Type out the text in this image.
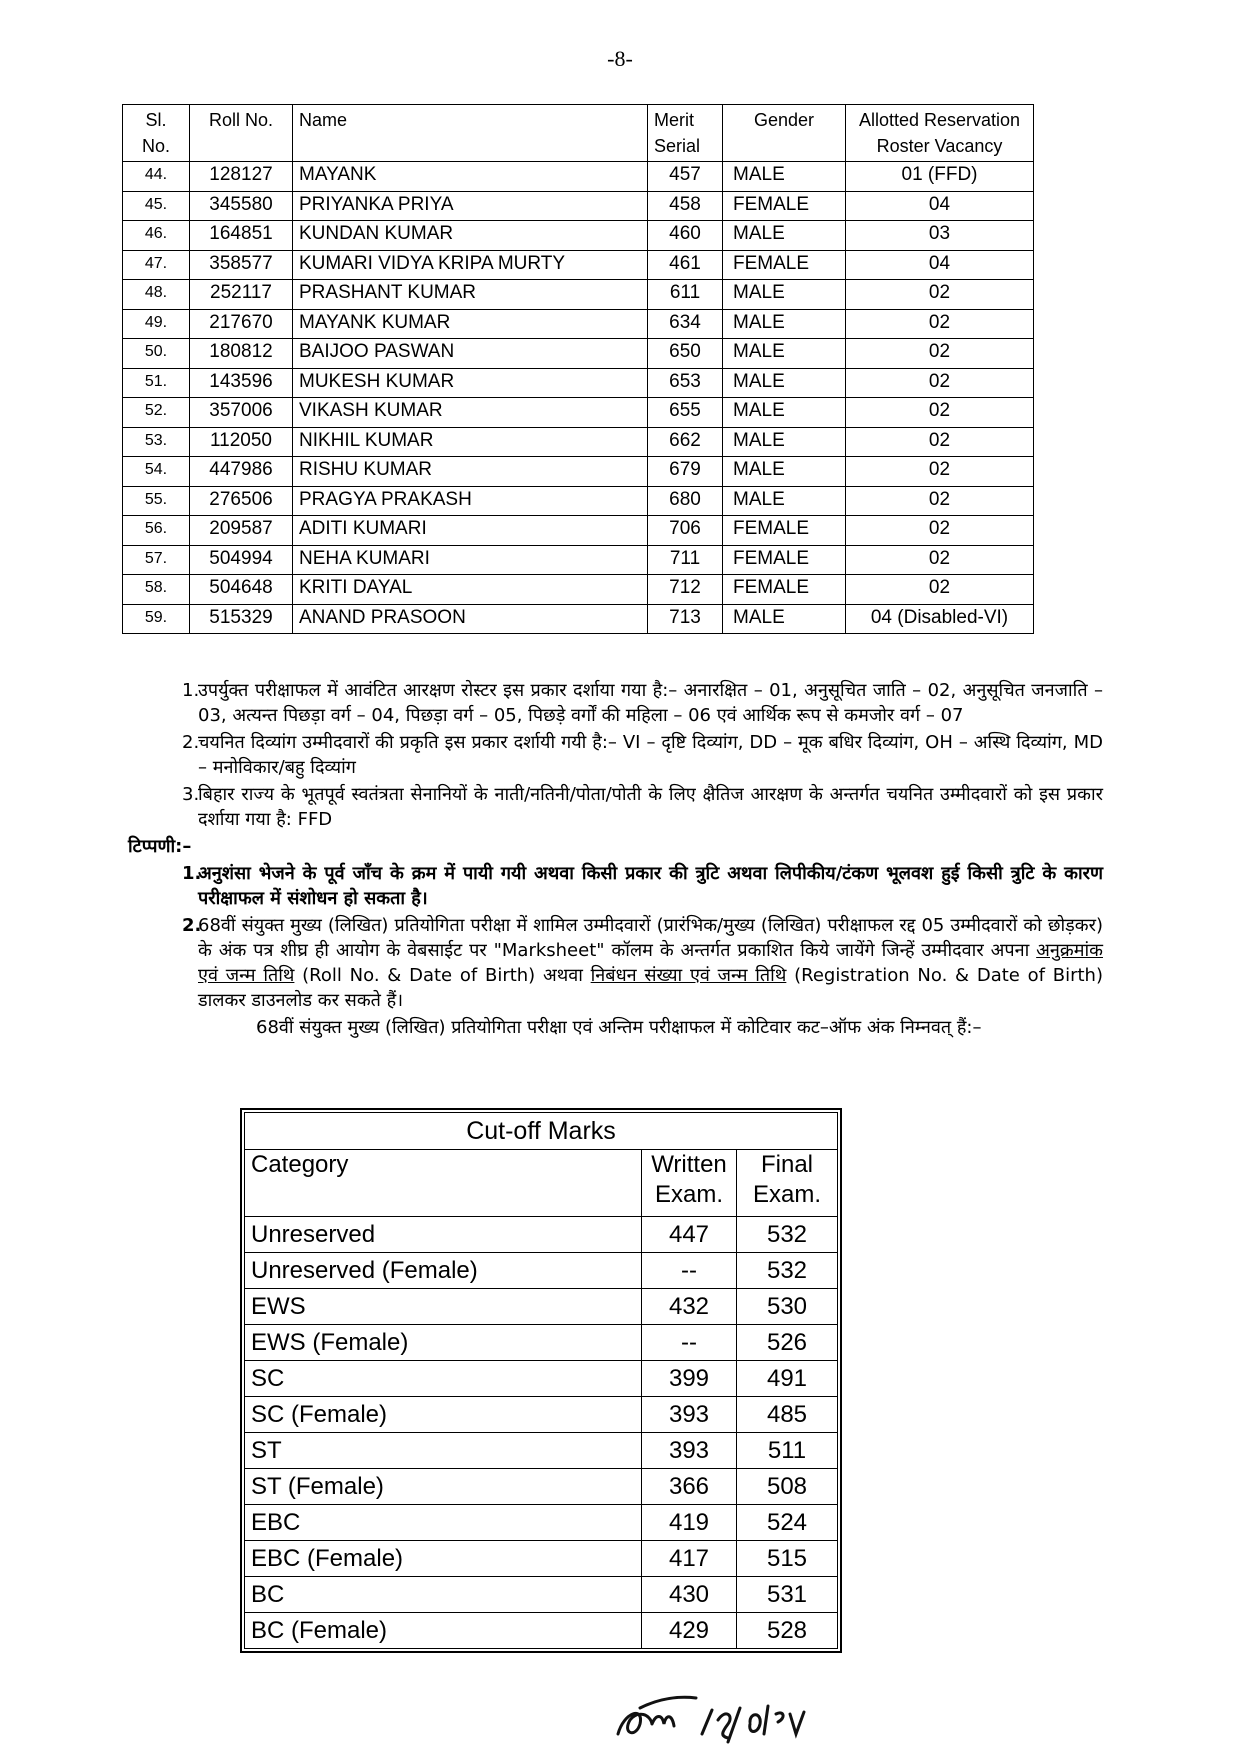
-8-
Sl. No.	Roll No.	Name	Merit Serial	Gender	Allotted Reservation Roster Vacancy
44.	128127	MAYANK	457	MALE	01 (FFD)
45.	345580	PRIYANKA PRIYA	458	FEMALE	04
46.	164851	KUNDAN KUMAR	460	MALE	03
47.	358577	KUMARI VIDYA KRIPA MURTY	461	FEMALE	04
48.	252117	PRASHANT KUMAR	611	MALE	02
49.	217670	MAYANK KUMAR	634	MALE	02
50.	180812	BAIJOO PASWAN	650	MALE	02
51.	143596	MUKESH KUMAR	653	MALE	02
52.	357006	VIKASH KUMAR	655	MALE	02
53.	112050	NIKHIL KUMAR	662	MALE	02
54.	447986	RISHU KUMAR	679	MALE	02
55.	276506	PRAGYA PRAKASH	680	MALE	02
56.	209587	ADITI KUMARI	706	FEMALE	02
57.	504994	NEHA KUMARI	711	FEMALE	02
58.	504648	KRITI DAYAL	712	FEMALE	02
59.	515329	ANAND PRASOON	713	MALE	04 (Disabled-VI)
1.
उपर्युक्त परीक्षाफल में आवंटित आरक्षण रोस्टर इस प्रकार दर्शाया गया है:– अनारक्षित – 01, अनुसूचित जाति – 02, अनुसूचित जनजाति – 03, अत्यन्त पिछड़ा वर्ग – 04, पिछड़ा वर्ग – 05, पिछड़े वर्गों की महिला – 06 एवं आर्थिक रूप से कमजोर वर्ग – 07
2.
चयनित दिव्यांग उम्मीदवारों की प्रकृति इस प्रकार दर्शायी गयी है:– VI – दृष्टि दिव्यांग, DD – मूक बधिर दिव्यांग, OH – अस्थि दिव्यांग, MD – मनोविकार/बहु दिव्यांग
3.
बिहार राज्य के भूतपूर्व स्वतंत्रता सेनानियों के नाती/नतिनी/पोता/पोती के लिए क्षैतिज आरक्षण के अन्तर्गत चयनित उम्मीदवारों को इस प्रकार दर्शाया गया है: FFD
टिप्पणी:–
1.
अनुशंसा भेजने के पूर्व जाँच के क्रम में पायी गयी अथवा किसी प्रकार की त्रुटि अथवा लिपीकीय/टंकण भूलवश हुई किसी त्रुटि के कारण परीक्षाफल में संशोधन हो सकता है।
2.
68वीं संयुक्त मुख्य (लिखित) प्रतियोगिता परीक्षा में शामिल उम्मीदवारों (प्रारंभिक/मुख्य (लिखित) परीक्षाफल रद्द 05 उम्मीदवारों को छोड़कर) के अंक पत्र शीघ्र ही आयोग के वेबसाईट पर "Marksheet" कॉलम के अन्तर्गत प्रकाशित किये जायेंगे जिन्हें उम्मीदवार अपना अनुक्रमांक एवं जन्म तिथि (Roll No. & Date of Birth) अथवा निबंधन संख्या एवं जन्म तिथि (Registration No. & Date of Birth) डालकर डाउनलोड कर सकते हैं।
68वीं संयुक्त मुख्य (लिखित) प्रतियोगिता परीक्षा एवं अन्तिम परीक्षाफल में कोटिवार कट–ऑफ अंक निम्नवत् हैं:–
Cut-off Marks		
Category	Written Exam.	Final Exam.
Unreserved	447	532
Unreserved (Female)	--	532
EWS	432	530
EWS (Female)	--	526
SC	399	491
SC (Female)	393	485
ST	393	511
ST (Female)	366	508
EBC	419	524
EBC (Female)	417	515
BC	430	531
BC (Female)	429	528
